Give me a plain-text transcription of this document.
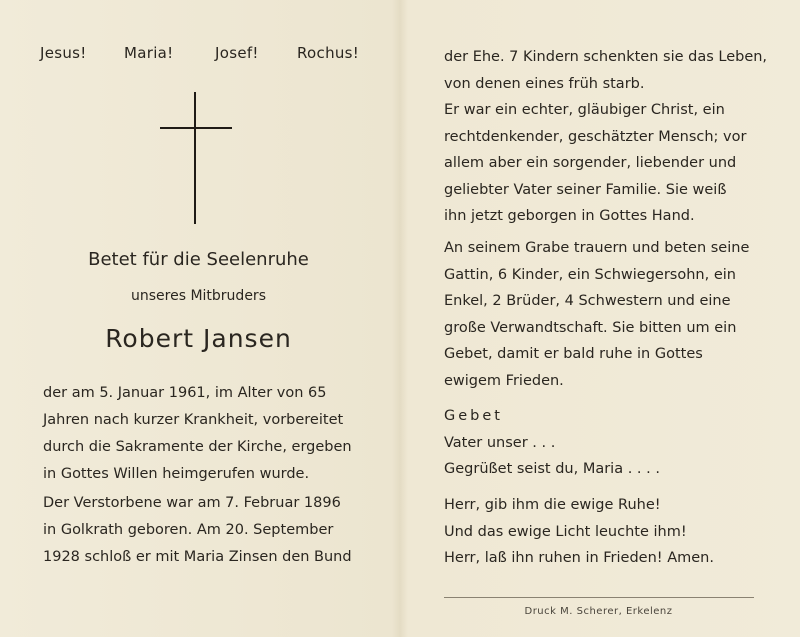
Jesus! Maria!	Josef!	Rochus!
Betet für die Seelenruhe
unseres Mitbruders
Robert Jansen
der am 5. Januar 1961, im Alter von 65
Jahren nach kurzer Krankheit, vorbereitet
durch die Sakramente der Kirche, ergeben
in Gottes Willen heimgerufen wurde.
Der Verstorbene war am 7. Februar 1896
in Golkrath geboren. Am 20. September
1928 schloß er mit Maria Zinsen den Bund
der Ehe. 7 Kindern schenkten sie das Leben,
von denen eines früh starb.
Er war ein echter, gläubiger Christ, ein
rechtdenkender, geschätzter Mensch; vor
allem aber ein sorgender, liebender und
geliebter Vater seiner Familie. Sie weiß
ihn jetzt geborgen in Gottes Hand.
An seinem Grabe trauern und beten seine
Gattin, 6 Kinder, ein Schwiegersohn, ein
Enkel, 2 Brüder, 4 Schwestern und eine
große Verwandtschaft. Sie bitten um ein
Gebet, damit er bald ruhe in Gottes
ewigem Frieden.
Gebet
Vater unser . . .
Gegrüßet seist du, Maria . . . .
Herr, gib ihm die ewige Ruhe!
Und das ewige Licht leuchte ihm!
Herr, laß ihn ruhen in Frieden! Amen.
Druck M. Scherer, Erkelenz
